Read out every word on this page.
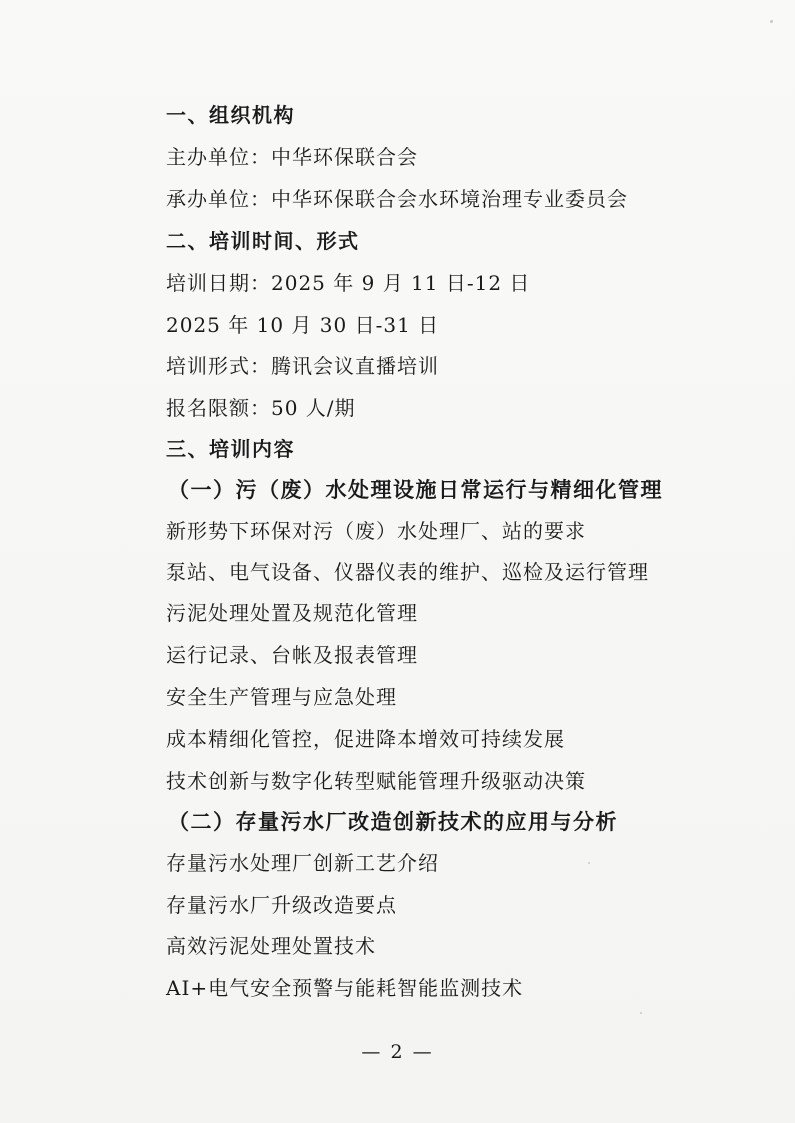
一、组织机构
主办单位：中华环保联合会
承办单位：中华环保联合会水环境治理专业委员会
二、培训时间、形式
培训日期：2025 年 9 月 11 日-12 日
2025 年 10 月 30 日-31 日
培训形式：腾讯会议直播培训
报名限额：50 人/期
三、培训内容
（一）污（废）水处理设施日常运行与精细化管理
新形势下环保对污（废）水处理厂、站的要求
泵站、电气设备、仪器仪表的维护、巡检及运行管理
污泥处理处置及规范化管理
运行记录、台帐及报表管理
安全生产管理与应急处理
成本精细化管控，促进降本增效可持续发展
技术创新与数字化转型赋能管理升级驱动决策
（二）存量污水厂改造创新技术的应用与分析
存量污水处理厂创新工艺介绍
存量污水厂升级改造要点
高效污泥处理处置技术
AI+电气安全预警与能耗智能监测技术
— 2 —
